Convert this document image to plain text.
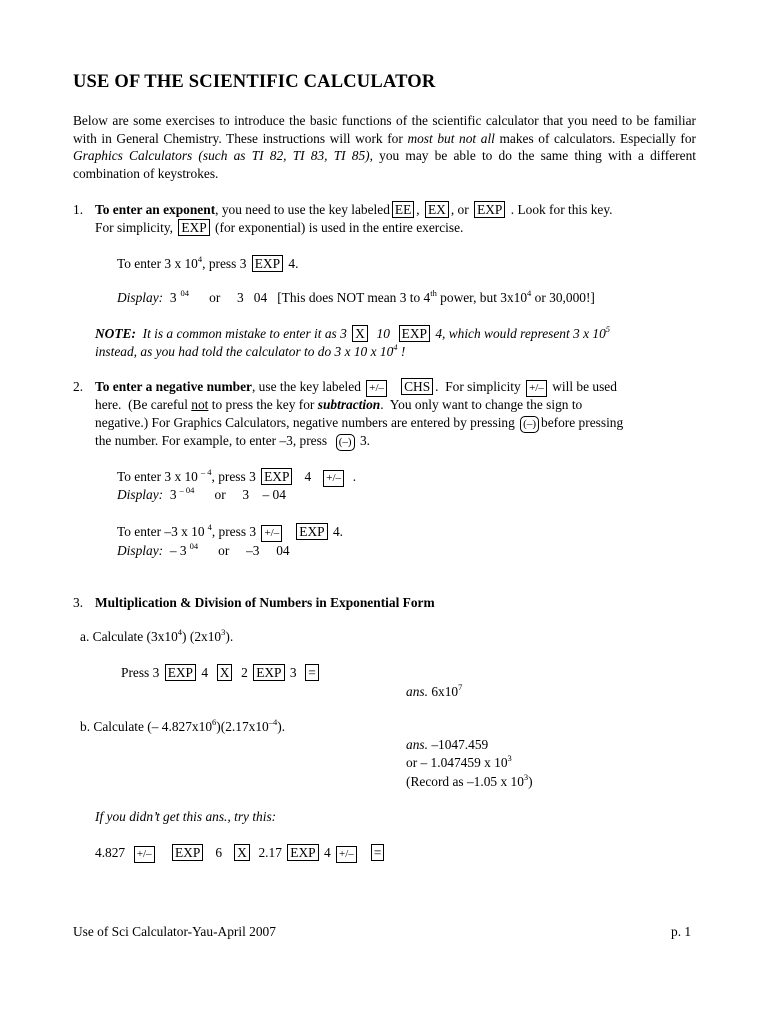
USE OF THE SCIENTIFIC CALCULATOR
Below are some exercises to introduce the basic functions of the scientific calculator that you need to be familiar with in General Chemistry. These instructions will work for most but not all makes of calculators. Especially for Graphics Calculators (such as TI 82, TI 83, TI 85), you may be able to do the same thing with a different combination of keystrokes.
1. To enter an exponent, you need to use the key labeled EE , EX , or EXP . Look for this key.
For simplicity, EXP (for exponential) is used in the entire exercise.
To enter 3 x $10^4$, press 3 EXP 4.
Display: 3 $^{04}$ or 3   04 [This does NOT mean 3 to 4th power, but $3x10^4$ or 30,000!]
NOTE:  It is a common mistake to enter it as 3 X 10 EXP 4, which would represent 3 x $10^5$
instead, as you had told the calculator to do 3 x 10 x $10^4$ !
2. To enter a negative number, use the key labeled +/– CHS .  For simplicity +/– will be used
here.  (Be careful not to press the key for subtraction.  You only want to change the sign to
negative.) For Graphics Calculators, negative numbers are entered by pressing (–) before pressing
the number. For example, to enter –3, press (–) 3.
To enter 3 x 10 $^{- 4}$, press 3 EXP 4 +/– .
Display: 3 $^{- 04}$ or 3    – 04
To enter –3 x 10 $^4$, press 3 +/– EXP 4.
Display: – 3 $^{04}$ or –3     04
3. Multiplication & Division of Numbers in Exponential Form
a. Calculate $(3x10^4)$ $(2x10^3)$.
Press 3 EXP 4 X 2 EXP 3 =
ans. $6x10^7$
b. Calculate (– $4.827x10^6)(2.17x10^{-4})$.
ans. –1047.459
or – 1.047459 x $10^3$
(Record as –1.05 x $10^3$)
If you didn’t get this ans., try this:
4.827 +/– EXP 6 X 2.17 EXP 4 +/– =
Use of Sci Calculator-Yau-April 2007	p. 1
